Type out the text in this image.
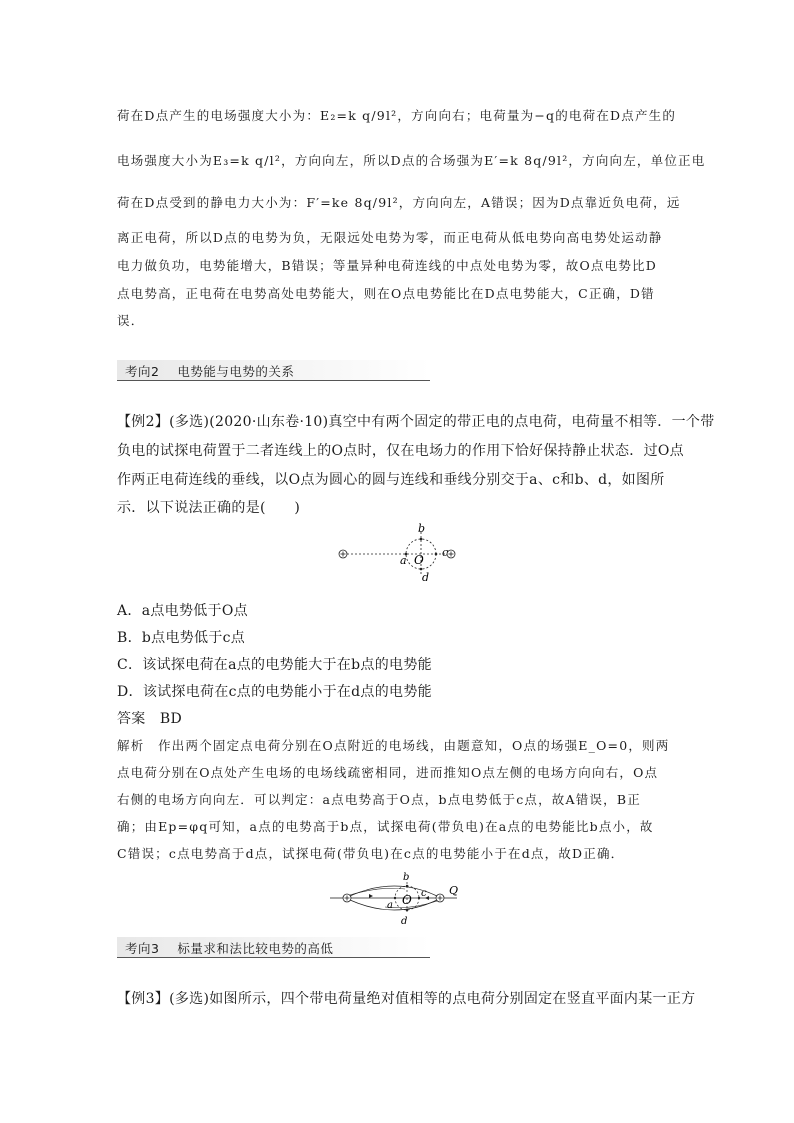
荷在D点产生的电场强度大小为：E₂=k q/9l²，方向向右；电荷量为−q的电荷在D点产生的
电场强度大小为E₃=k q/l²，方向向左，所以D点的合场强为E′=k 8q/9l²，方向向左，单位正电
荷在D点受到的静电力大小为：F′=ke 8q/9l²，方向向左，A错误；因为D点靠近负电荷，远
离正电荷，所以D点的电势为负，无限远处电势为零，而正电荷从低电势向高电势处运动静
电力做负功，电势能增大，B错误；等量异种电荷连线的中点处电势为零，故O点电势比D
点电势高，正电荷在电势高处电势能大，则在O点电势能比在D点电势能大，C正确，D错
误．
考向2 电势能与电势的关系
【例2】(多选)(2020·山东卷·10)真空中有两个固定的带正电的点电荷，电荷量不相等．一个带
负电的试探电荷置于二者连线上的O点时，仅在电场力的作用下恰好保持静止状态．过O点
作两正电荷连线的垂线，以O点为圆心的圆与连线和垂线分别交于a、c和b、d，如图所
示．以下说法正确的是(　　)
b
a O
c
d
A．a点电势低于O点
B．b点电势低于c点
C．该试探电荷在a点的电势能大于在b点的电势能
D．该试探电荷在c点的电势能小于在d点的电势能
答案 BD
解析　作出两个固定点电荷分别在O点附近的电场线，由题意知，O点的场强E_O=0，则两
点电荷分别在O点处产生电场的电场线疏密相同，进而推知O点左侧的电场方向向右，O点
右侧的电场方向向左．可以判定：a点电势高于O点，b点电势低于c点，故A错误，B正
确；由Ep=φq可知，a点的电势高于b点，试探电荷(带负电)在a点的电势能比b点小，故
C错误；c点电势高于d点，试探电荷(带负电)在c点的电势能小于在d点，故D正确．
b
a O c
d
Q
考向3 标量求和法比较电势的高低
【例3】(多选)如图所示，四个带电荷量绝对值相等的点电荷分别固定在竖直平面内某一正方
